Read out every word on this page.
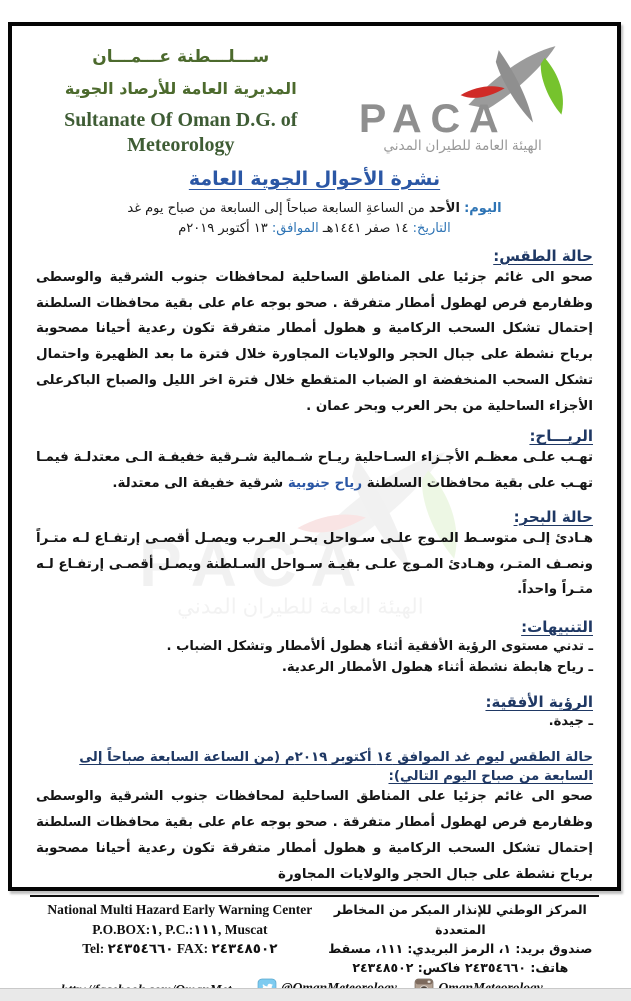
ســـلـــطنة عـــمـــان
المديرية العامة للأرصاد الجوية
Sultanate Of Oman D.G. of
Meteorology
نشرة الأحوال الجوية العامة
اليوم: الأحد من الساعةِ السابعة صباحاً إلى السابعة من صباح يوم غد
التاريخ: ١٤ صفر ١٤٤١هـ الموافق: ١٣ أكتوبر ٢٠١٩م
حالة الطقس:
صحو الى غائم جزئيا على المناطق الساحلية لمحافظات جنوب الشرقية والوسطى وظفارمع فرص لهطول أمطار متفرقة . صحو بوجه عام على بقية محافظات السلطنة إحتمال تشكل السحب الركامية و هطول أمطار متفرقة تكون رعدية أحيانا مصحوبة برياح نشطة على جبال الحجر والولايات المجاورة خلال فترة ما بعد الظهيرة واحتمال تشكل السحب المنخفضة او الضباب المتقطع خلال فترة اخر الليل والصباح الباكرعلى الأجزاء الساحلية من بحر العرب وبحر عمان .
الريـــاح:
تهـب علـى معظـم الأجـزاء السـاحلية ريـاح شـمالية شـرقية خفيفـة الـى معتدلـة فيمـا تهـب على بقية محافظات السلطنة رياح جنوبية شرقية خفيفة الى معتدلة.
حالة البحر:
هـادئ إلـى متوسـط المـوج علـى سـواحل بحـر العـرب ويصـل أقصـى إرتفـاع لـه متـراً ونصـف المتـر، وهـادئ المـوج علـى بقيـة سـواحل السـلطنة ويصـل أقصـى إرتفـاع لـه متـراً واحداً.
التنبيهات:
ـ تدني مستوى الرؤية الأفقية أثناء هطول ألأمطار وتشكل الضباب .
ـ رياح هابطة نشطة أثناء هطول الأمطار الرعدية.
الرؤية الأفقية:
ـ جيدة.
حالة الطقس ليوم غد الموافق ١٤ أكتوبر ٢٠١٩م (من الساعة السابعة صباحاً إلى السابعة من صباح اليوم التالي):
صحو الى غائم جزئيا على المناطق الساحلية لمحافظات جنوب الشرقية والوسطى وظفارمع فرص لهطول أمطار متفرقة . صحو بوجه عام على بقية محافظات السلطنة إحتمال تشكل السحب الركامية و هطول أمطار متفرقة تكون رعدية أحيانا مصحوبة برياح نشطة على جبال الحجر والولايات المجاورة
National Multi Hazard Early Warning Center
P.O.BOX:١, P.C.:١١١, Muscat
Tel: ٢٤٣٥٤٦٦٠ FAX: ٢٤٣٤٨٥٠٢
المركز الوطني للإنذار المبكر من المخاطر المتعددة
صندوق بريد: ١، الرمز البريدي: ١١١، مسقط
هاتف: ٢٤٣٥٤٦٦٠ فاكس: ٢٤٣٤٨٥٠٢
